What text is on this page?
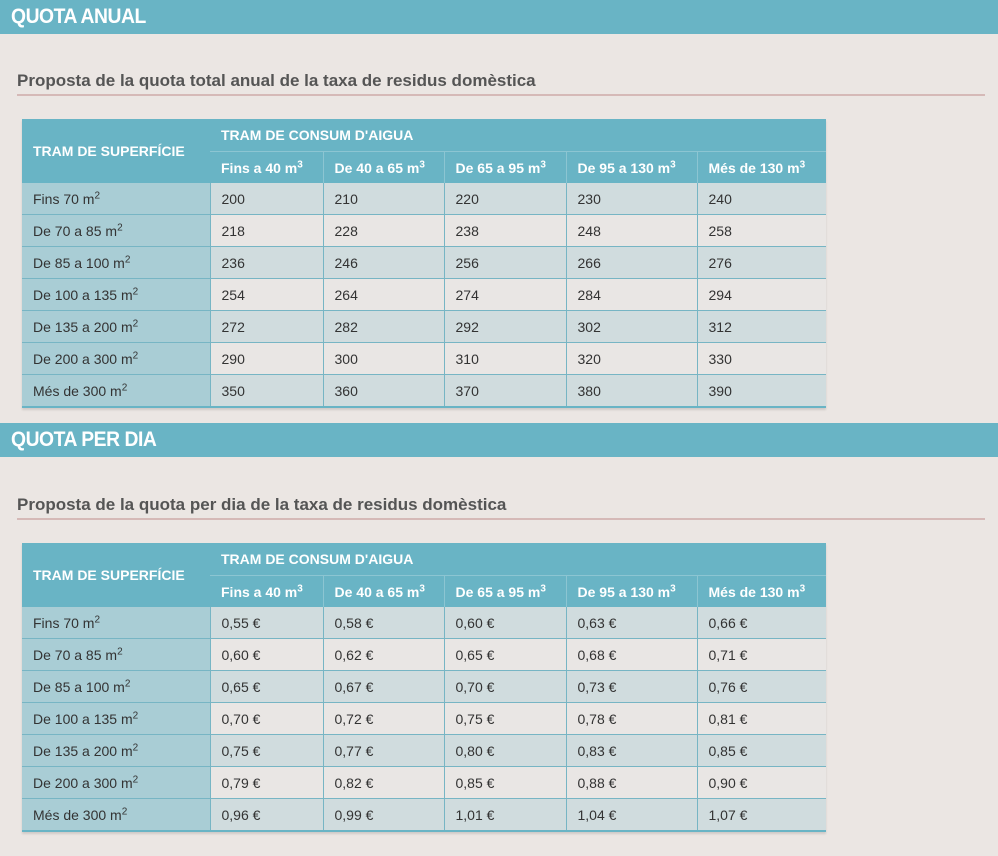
QUOTA ANUAL
Proposta de la quota total anual de la taxa de residus domèstica
TRAM DE SUPERFÍCIE	TRAM DE CONSUM D'AIGUA				
	Fins a 40 $m^3$	De 40 a 65 $m^3$	De 65 a 95 $m^3$	De 95 a 130 $m^3$	Més de 130 $m^3$
Fins 70 $m^2$	200	210	220	230	240
De 70 a 85 $m^2$	218	228	238	248	258
De 85 a 100 $m^2$	236	246	256	266	276
De 100 a 135 $m^2$	254	264	274	284	294
De 135 a 200 $m^2$	272	282	292	302	312
De 200 a 300 $m^2$	290	300	310	320	330
Més de 300 $m^2$	350	360	370	380	390
QUOTA PER DIA
Proposta de la quota per dia de la taxa de residus domèstica
TRAM DE SUPERFÍCIE	TRAM DE CONSUM D'AIGUA				
	Fins a 40 $m^3$	De 40 a 65 $m^3$	De 65 a 95 $m^3$	De 95 a 130 $m^3$	Més de 130 $m^3$
Fins 70 $m^2$	0,55 €	0,58 €	0,60 €	0,63 €	0,66 €
De 70 a 85 $m^2$	0,60 €	0,62 €	0,65 €	0,68 €	0,71 €
De 85 a 100 $m^2$	0,65 €	0,67 €	0,70 €	0,73 €	0,76 €
De 100 a 135 $m^2$	0,70 €	0,72 €	0,75 €	0,78 €	0,81 €
De 135 a 200 $m^2$	0,75 €	0,77 €	0,80 €	0,83 €	0,85 €
De 200 a 300 $m^2$	0,79 €	0,82 €	0,85 €	0,88 €	0,90 €
Més de 300 $m^2$	0,96 €	0,99 €	1,01 €	1,04 €	1,07 €
